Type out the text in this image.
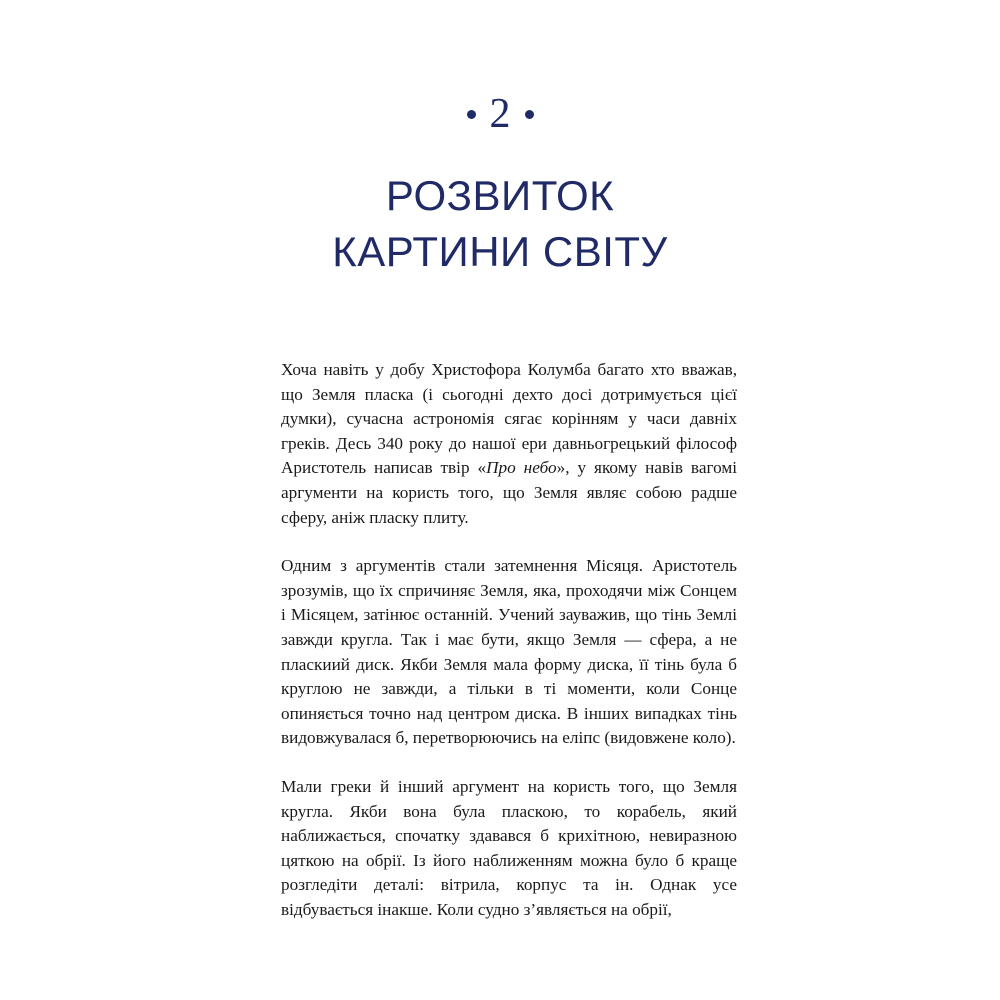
2
РОЗВИТОК
КАРТИНИ СВІТУ

Хоча навіть у добу Христофора Колумба багато хто вважав, що Земля пласка (і сьогодні дехто досі дотримується цієї думки), сучасна астрономія сягає корінням у часи давніх греків. Десь 340 року до нашої ери давньогрецький філософ Аристотель написав твір «Про небо», у якому навів вагомі аргументи на користь того, що Земля являє собою радше сферу, аніж пласку плиту.

Одним з аргументів стали затемнення Місяця. Аристотель зрозумів, що їх спричиняє Земля, яка, проходячи між Сонцем і Місяцем, затінює останній. Учений зауважив, що тінь Землі завжди кругла. Так і має бути, якщо Земля — сфера, а не пласкиий диск. Якби Земля мала форму диска, її тінь була б круглою не завжди, а тільки в ті моменти, коли Сонце опиняється точно над центром диска. В інших випадках тінь видовжувалася б, перетворюючись на еліпс (видовжене коло).

Мали греки й інший аргумент на користь того, що Земля кругла. Якби вона була пласкою, то корабель, який наближається, спочатку здавався б крихітною, невиразною цяткою на обрії. Із його наближенням можна було б краще розгледіти деталі: вітрила, корпус та ін. Однак усе відбувається інакше. Коли судно з’являється на обрії,
